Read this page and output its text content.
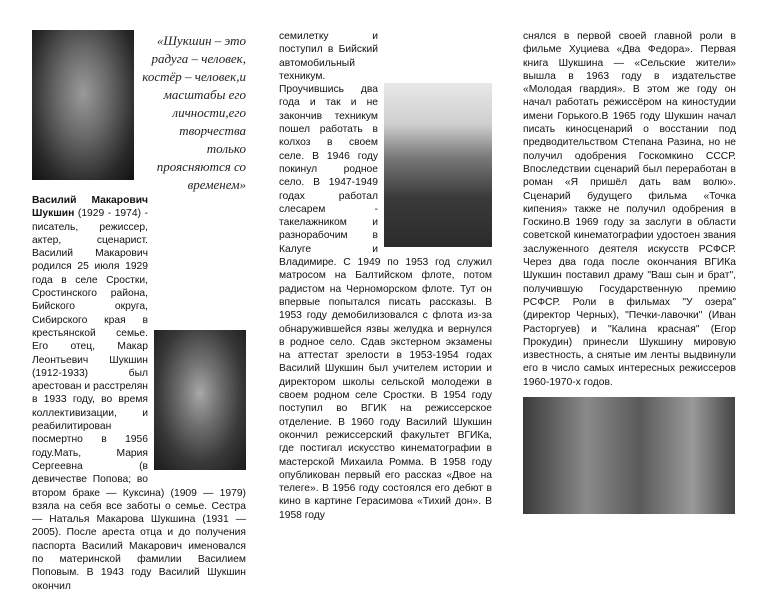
«Шукшин – это радуга – человек, костёр – человек,и масштабы его личности,его творчества только проясняются со временем»

Василий Макарович Шукшин (1929 - 1974) - писатель, режиссер, актер, сценарист. Василий Макарович родился 25 июля 1929 года в селе Сростки, Сростинского района, Бийского округа, Сибирского края в крестьянской семье. Его отец, Макар Леонтьевич Шукшин (1912-1933) был арестован и расстрелян в 1933 году, во время коллективизации, и реабилитирован посмертно в 1956 году.Мать, Мария Сергеевна (в девичестве Попова; во втором браке — Куксина) (1909 — 1979) взяла на себя все заботы о семье. Сестра — Наталья Макарова Шукшина (1931 — 2005). После ареста отца и до получения паспорта Василий Макарович именовался по материнской фамилии Василием Поповым. В 1943 году Василий Шукшин окончил

семилетку и поступил в Бийский автомобильный техникум. Проучившись два года и так и не закончив техникум пошел работать в колхоз в своем селе. В 1946 году покинул родное село. В 1947-1949 годах работал слесарем - такелажником и разнорабочим в Калуге и Владимире. С 1949 по 1953 год служил матросом на Балтийском флоте, потом радистом на Черноморском флоте. Тут он впервые попытался писать рассказы. В 1953 году демобилизовался с флота из-за обнаружившейся язвы желудка и вернулся в родное село. Сдав экстерном экзамены на аттестат зрелости в 1953-1954 годах Василий Шукшин был учителем истории и директором школы сельской молодежи в своем родном селе Сростки. В 1954 году поступил во ВГИК на режиссерское отделение. В 1960 году Василий Шукшин окончил режиссерский факультет ВГИКа, где постигал искусство кинематографии в мастерской Михаила Ромма. В 1958 году опубликован первый его рассказ «Двое на телеге». В 1956 году состоялся его дебют в кино в картине Герасимова «Тихий дон». В 1958 году

снялся в первой своей главной роли в фильме Хуциева «Два Федора». Первая книга Шукшина — «Сельские жители» вышла в 1963 году в издательстве «Молодая гвардия». В этом же году он начал работать режиссёром на киностудии имени Горького.В 1965 году Шукшин начал писать киносценарий о восстании под предводительством Степана Разина, но не получил одобрения Госкомкино СССР. Впоследствии сценарий был переработан в роман «Я пришёл дать вам волю». Сценарий будущего фильма «Точка кипения» также не получил одобрения в Госкино.В 1969 году за заслуги в области советской кинематографии удостоен звания заслуженного деятеля искусств РСФСР. Через два года после окончания ВГИКа Шукшин поставил драму "Ваш сын и брат", получившую Государственную премию РСФСР. Роли в фильмах "У озера" (директор Черных), "Печки-лавочки" (Иван Расторгуев) и "Калина красная" (Егор Прокудин) принесли Шукшину мировую известность, а снятые им ленты выдвинули его в число самых интересных режиссеров 1960-1970-х годов.
